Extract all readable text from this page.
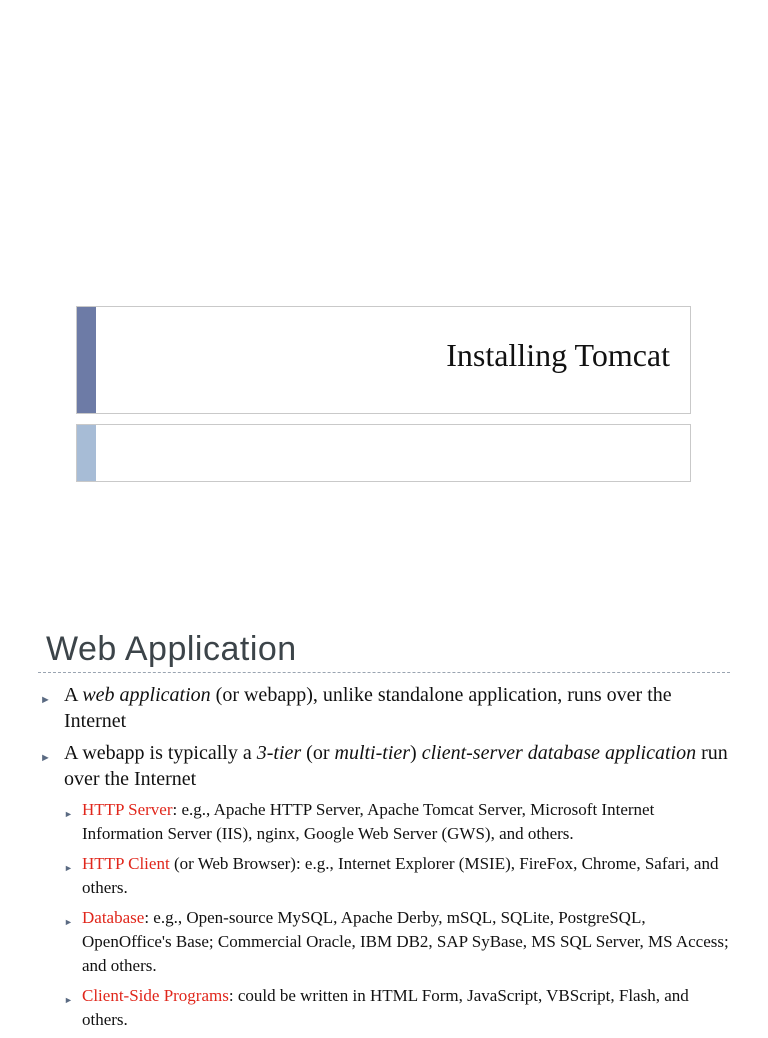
Installing Tomcat
Web Application
► A web application (or webapp), unlike standalone application, runs over the Internet
► A webapp is typically a 3-tier (or multi-tier) client-server database application run over the Internet
► HTTP Server: e.g., Apache HTTP Server, Apache Tomcat Server, Microsoft Internet Information Server (IIS), nginx, Google Web Server (GWS), and others.
► HTTP Client (or Web Browser): e.g., Internet Explorer (MSIE), FireFox, Chrome, Safari, and others.
► Database: e.g., Open-source MySQL, Apache Derby, mSQL, SQLite, PostgreSQL, OpenOffice's Base; Commercial Oracle, IBM DB2, SAP SyBase, MS SQL Server, MS Access; and others.
► Client-Side Programs: could be written in HTML Form, JavaScript, VBScript, Flash, and others.
